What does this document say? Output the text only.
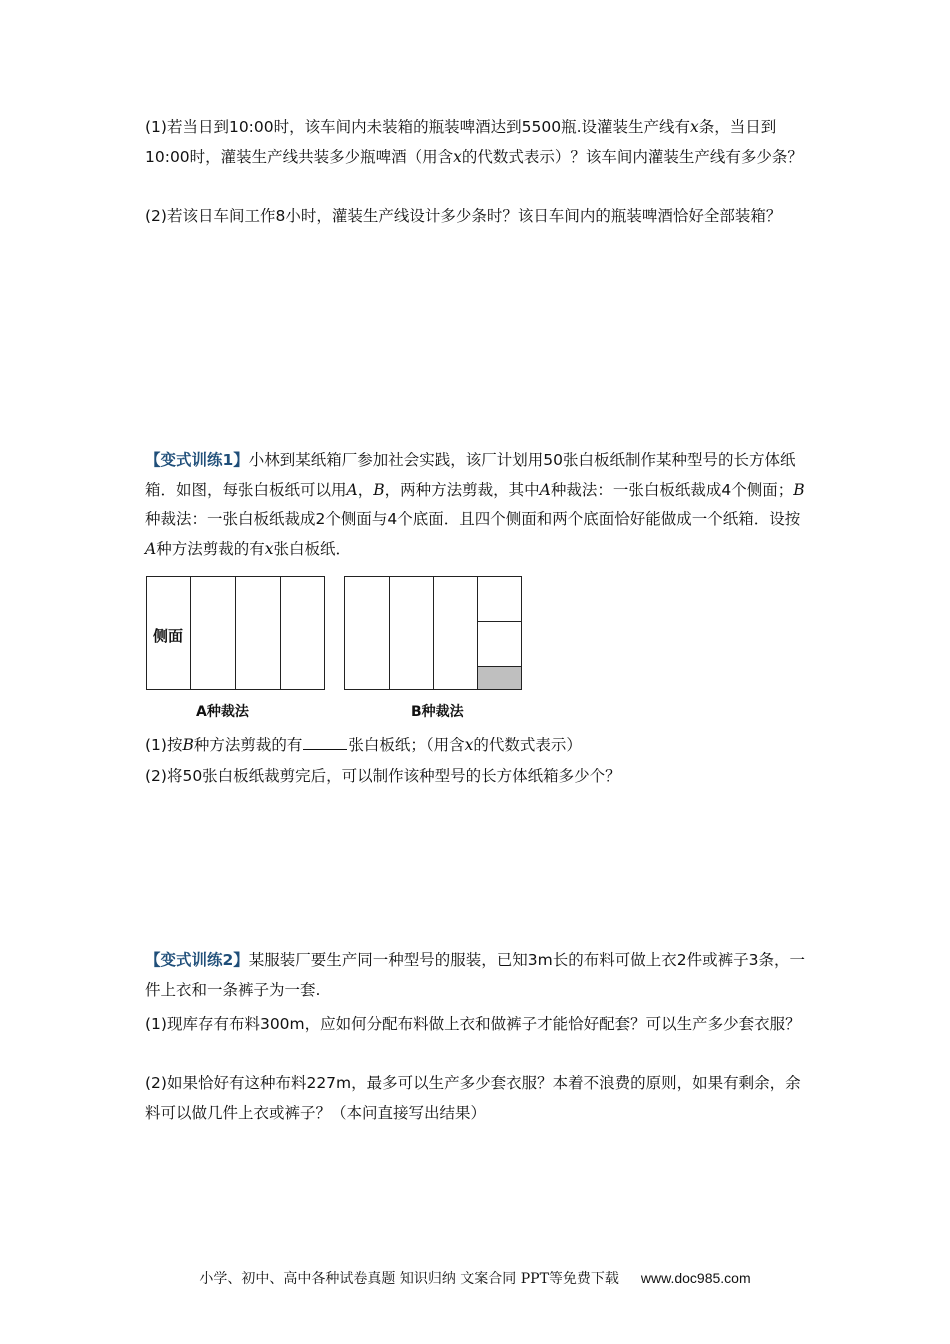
(1)若当日到10:00时，该车间内未装箱的瓶装啤酒达到5500瓶.设灌装生产线有x条，当日到10:00时，灌装生产线共装多少瓶啤酒（用含x的代数式表示）？该车间内灌装生产线有多少条？

(2)若该日车间工作8小时，灌装生产线设计多少条时？该日车间内的瓶装啤酒恰好全部装箱？

【变式训练1】小林到某纸箱厂参加社会实践，该厂计划用50张白板纸制作某种型号的长方体纸箱．如图，每张白板纸可以用A，B，两种方法剪裁，其中A种裁法：一张白板纸裁成4个侧面；B种裁法：一张白板纸裁成2个侧面与4个底面．且四个侧面和两个底面恰好能做成一个纸箱．设按A种方法剪裁的有x张白板纸．

侧面
A种裁法	B种裁法

(1)按B种方法剪裁的有	张白板纸；（用含x的代数式表示）

(2)将50张白板纸裁剪完后，可以制作该种型号的长方体纸箱多少个？

【变式训练2】某服装厂要生产同一种型号的服装，已知3m长的布料可做上衣2件或裤子3条，一件上衣和一条裤子为一套.

(1)现库存有布料300m，应如何分配布料做上衣和做裤子才能恰好配套？可以生产多少套衣服？

(2)如果恰好有这种布料227m，最多可以生产多少套衣服？本着不浪费的原则，如果有剩余，余料可以做几件上衣或裤子？（本问直接写出结果）

小学、初中、高中各种试卷真题 知识归纳 文案合同 PPT等免费下载 www.doc985.com
